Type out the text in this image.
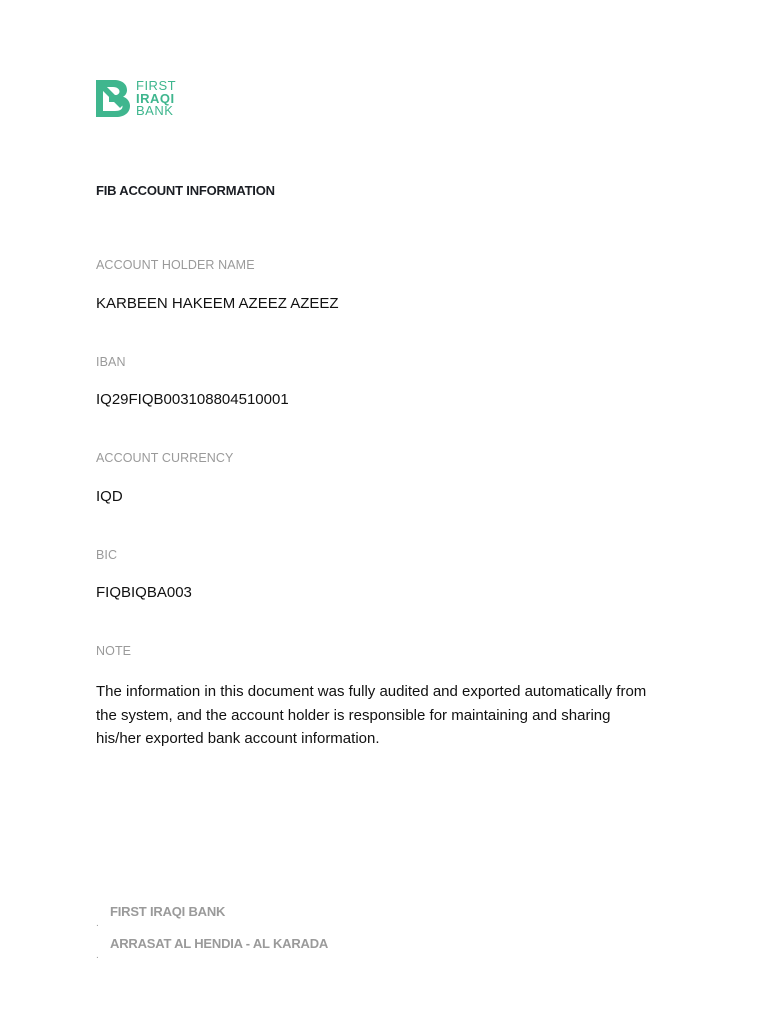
FIRST
IRAQI
BANK
FIB ACCOUNT INFORMATION
ACCOUNT HOLDER NAME
KARBEEN HAKEEM AZEEZ AZEEZ
IBAN
IQ29FIQB003108804510001
ACCOUNT CURRENCY
IQD
BIC
FIQBIQBA003
NOTE
The information in this document was fully audited and exported automatically from the system, and the account holder is responsible for maintaining and sharing his/her exported bank account information.
FIRST IRAQI BANK
.
ARRASAT AL HENDIA - AL KARADA
.
